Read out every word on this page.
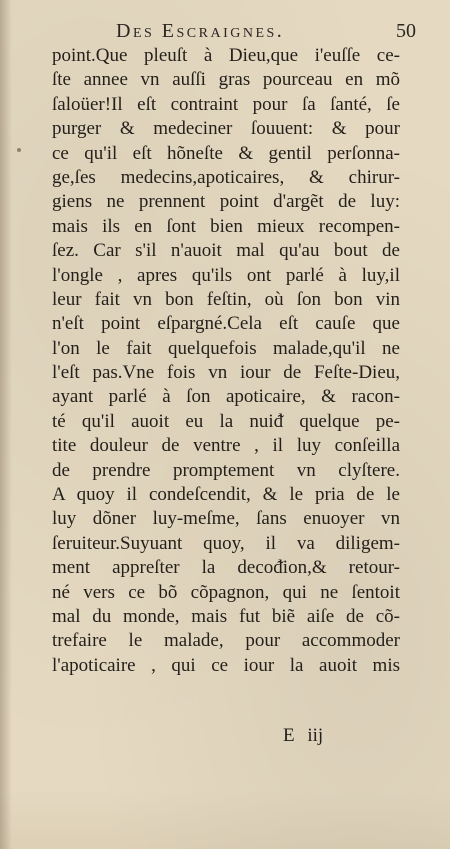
Des Escraignes.	50
point.Que pleuſt à Dieu,que i'euſſe ce-
ſte annee vn auſſi gras pourceau en mõ
ſaloüer!Il eſt contraint pour ſa ſanté, ſe
purger & medeciner ſouuent: & pour
ce qu'il eſt hõneſte & gentil perſonna-
ge,ſes medecins,apoticaires, & chirur-
giens ne prennent point d'argẽt de luy:
mais ils en ſont bien mieux recompen-
ſez. Car s'il n'auoit mal qu'au bout de
l'ongle , apres qu'ils ont parlé à luy,il
leur fait vn bon feſtin, où ſon bon vin
n'eſt point eſpargné.Cela eſt cauſe que
l'on le fait quelquefois malade,qu'il ne
l'eſt pas.Vne fois vn iour de Feſte-Dieu,
ayant parlé à ſon apoticaire, & racon-
té qu'il auoit eu la nuiᵭ quelque pe-
tite douleur de ventre , il luy conſeilla
de prendre promptement vn clyſtere.
A quoy il condeſcendit, & le pria de le
luy dõner luy-meſme, ſans enuoyer vn
ſeruiteur.Suyuant quoy, il va diligem-
ment appreſter la decoᵭion,& retour-
né vers ce bõ cõpagnon, qui ne ſentoit
mal du monde, mais fut biẽ aiſe de cõ-
trefaire le malade, pour accommoder
l'apoticaire , qui ce iour la auoit mis
E iij
